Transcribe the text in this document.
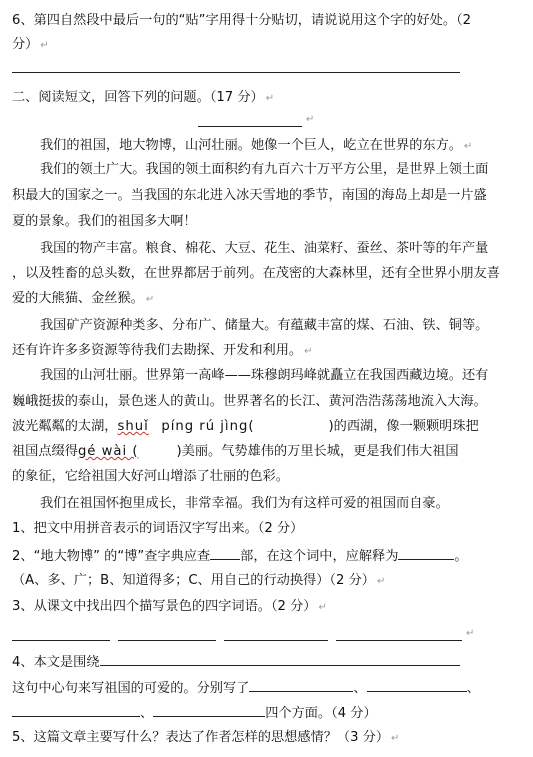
6、第四自然段中最后一句的“贴”字用得十分贴切，请说说用这个字的好处。（2
分） ↵
二、阅读短文，回答下列的问题。（17 分） ↵
↵
我们的祖国，地大物博，山河壮丽。她像一个巨人，屹立在世界的东方。 ↵
我们的领土广大。我国的领土面积约有九百六十万平方公里，是世界上领土面
积最大的国家之一。当我国的东北进入冰天雪地的季节，南国的海岛上却是一片盛
夏的景象。我们的祖国多大啊！
我国的物产丰富。粮食、棉花、大豆、花生、油菜籽、蚕丝、茶叶等的年产量
，以及牲畜的总头数，在世界都居于前列。在茂密的大森林里，还有全世界小朋友喜
爱的大熊猫、金丝猴。 ↵
我国矿产资源种类多、分布广、储量大。有蕴藏丰富的煤、石油、铁、铜等。
还有许许多多资源等待我们去勘探、开发和利用。 ↵
我国的山河壮丽。世界第一高峰——珠穆朗玛峰就矗立在我国西藏边境。还有
巍峨挺拔的泰山，景色迷人的黄山。世界著名的长江、黄河浩浩荡荡地流入大海。
波光粼粼的太湖，shuǐ píng rú jìng(	)的西湖，像一颗颗明珠把
祖国点缀得gé wài (	)美丽。气势雄伟的万里长城，更是我们伟大祖国
的象征，它给祖国大好河山增添了壮丽的色彩。
我们在祖国怀抱里成长，非常幸福。我们为有这样可爱的祖国而自豪。
1、把文中用拼音表示的词语汉字写出来。（2 分）
2、“地大物博” 的“博”查字典应查 部，在这个词中，应解释为	。
（A、多、广；B、知道得多；C、用自己的行动换得）（2 分） ↵
3、从课文中找出四个描写景色的四字词语。（2 分） ↵
↵
4、本文是围绕
这句中心句来写祖国的可爱的。分别写了	、	、
、	四个方面。（4 分）
5、这篇文章主要写什么？表达了作者怎样的思想感情？（3 分） ↵
